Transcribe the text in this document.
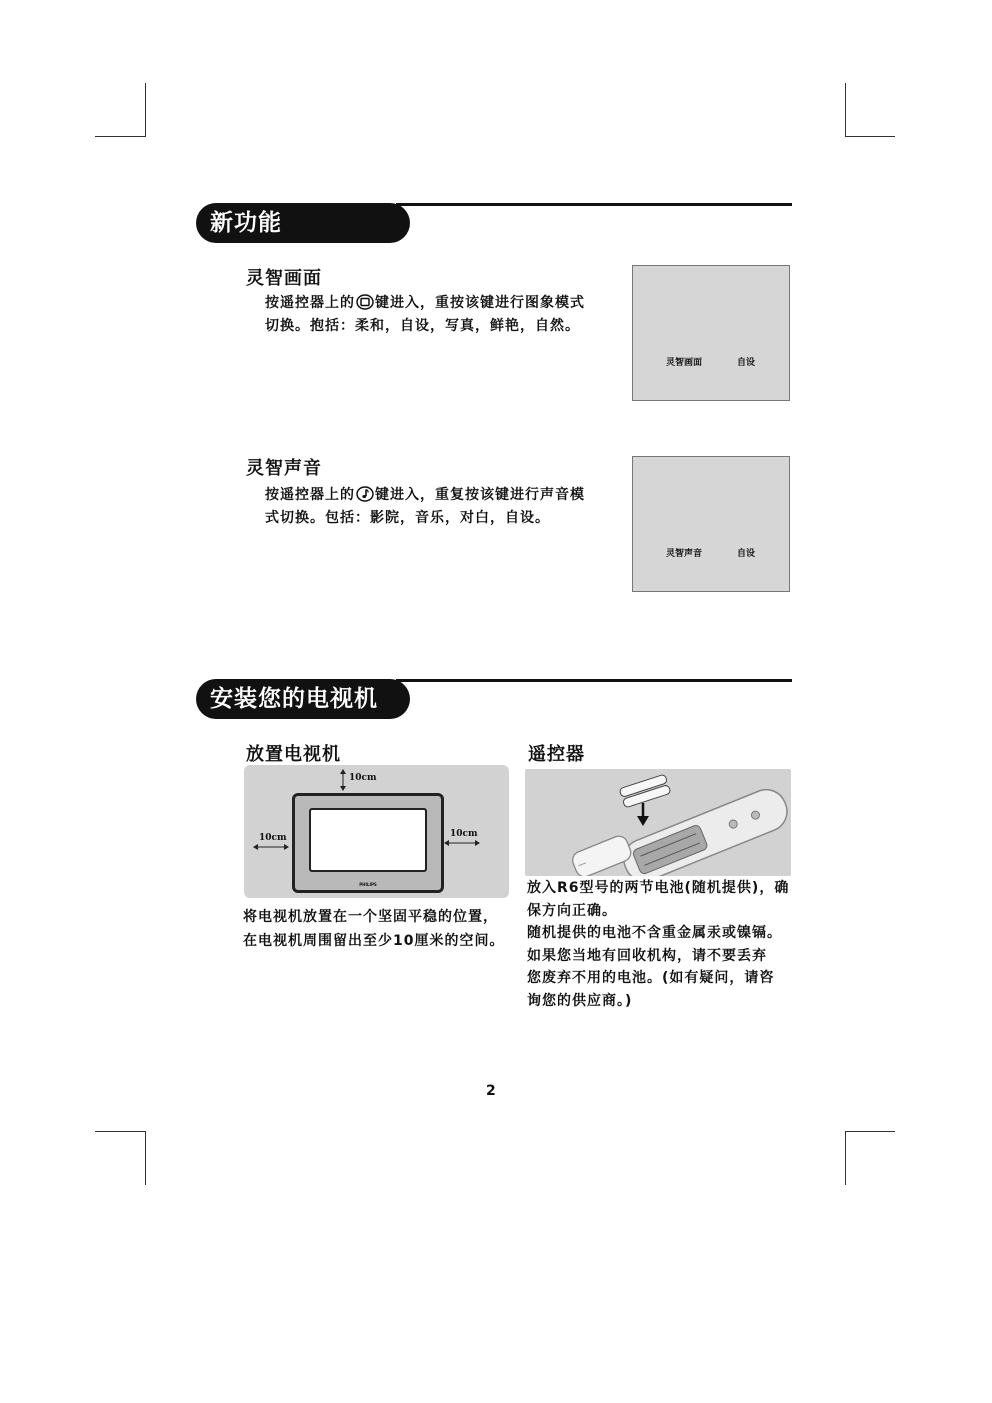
新功能
灵智画面
按遥控器上的 键进入，重按该键进行图象模式
切换。抱括：柔和，自设，写真，鲜艳，自然。
灵智画面	自设
灵智声音
按遥控器上的 键进入，重复按该键进行声音模
式切换。包括：影院，音乐，对白，自设。
灵智声音	自设
安装您的电视机
放置电视机
10cm
10cm	10cm
PHILIPS
将电视机放置在一个坚固平稳的位置，
在电视机周围留出至少10厘米的空间。
遥控器
放入R6型号的两节电池(随机提供)，确
保方向正确。
随机提供的电池不含重金属汞或镍镉。
如果您当地有回收机构，请不要丢弃
您废弃不用的电池。(如有疑问，请咨
询您的供应商。)
2
